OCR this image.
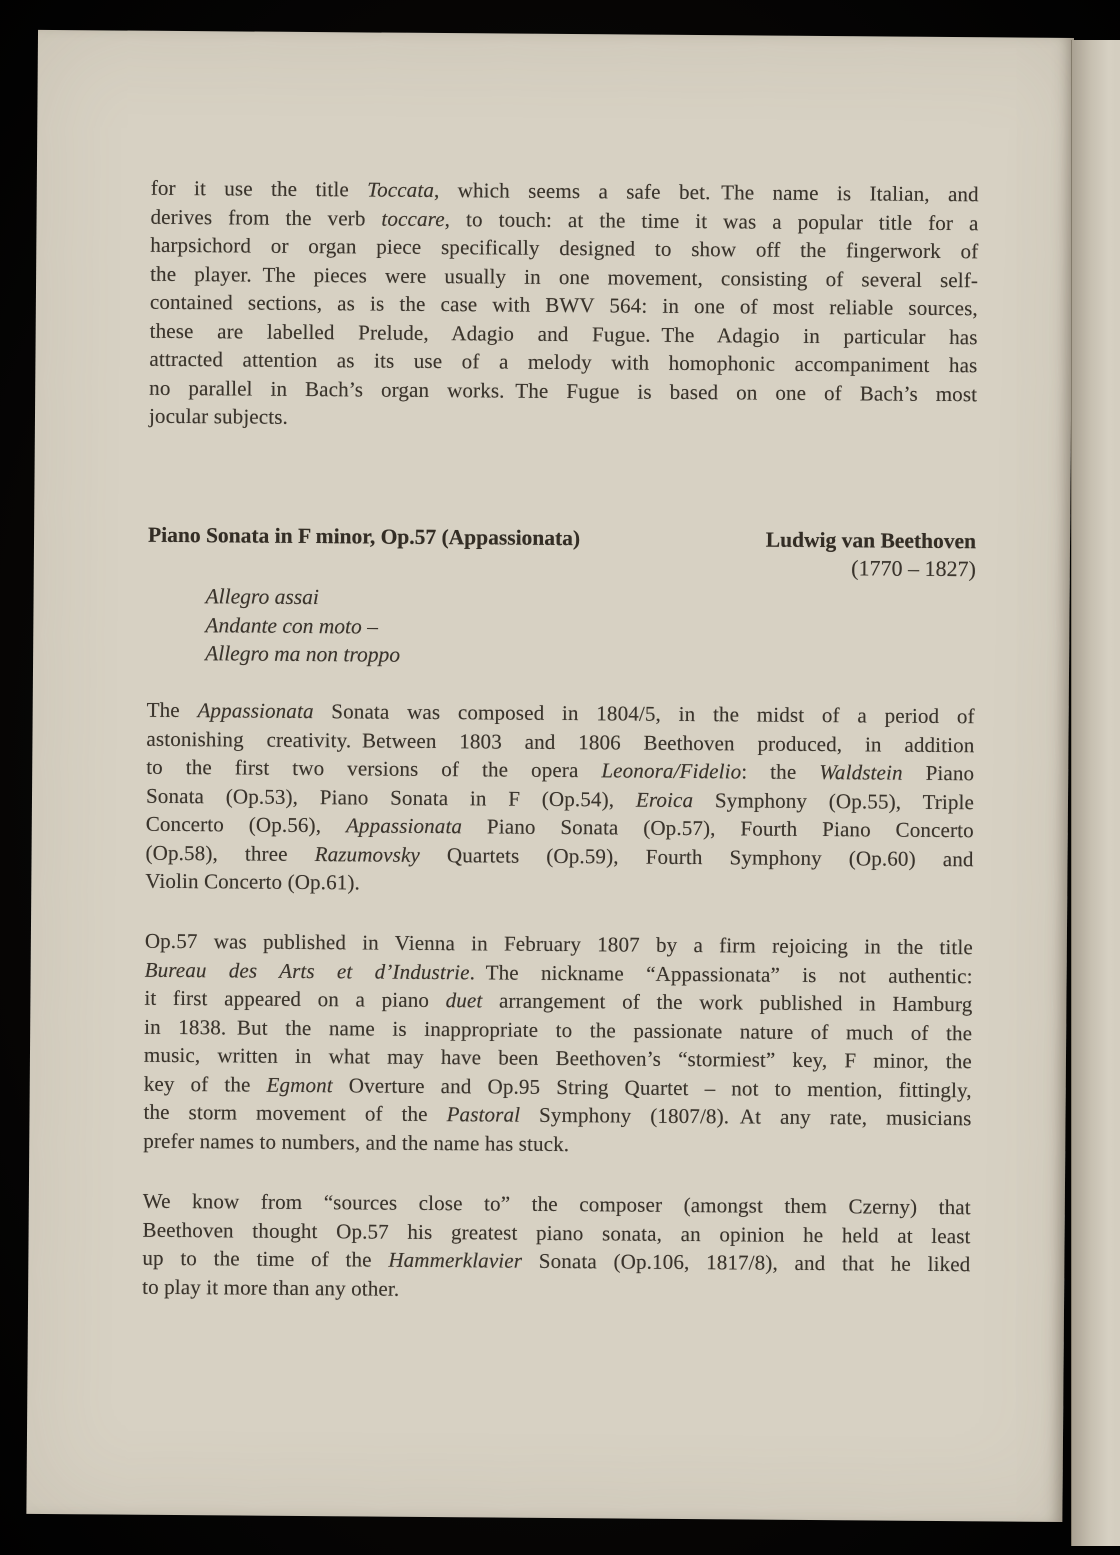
for it use the title Toccata, which seems a safe bet. The name is Italian, and
derives from the verb toccare, to touch: at the time it was a popular title for a
harpsichord or organ piece specifically designed to show off the fingerwork of
the player. The pieces were usually in one movement, consisting of several self-
contained sections, as is the case with BWV 564: in one of most reliable sources,
these are labelled Prelude, Adagio and Fugue. The Adagio in particular has
attracted attention as its use of a melody with homophonic accompaniment has
no parallel in Bach’s organ works. The Fugue is based on one of Bach’s most
jocular subjects.
Piano Sonata in F minor, Op.57 (Appassionata)	Ludwig van Beethoven
(1770 – 1827)
Allegro assai
Andante con moto –
Allegro ma non troppo
The Appassionata Sonata was composed in 1804/5, in the midst of a period of
astonishing creativity. Between 1803 and 1806 Beethoven produced, in addition
to the first two versions of the opera Leonora/Fidelio: the Waldstein Piano
Sonata (Op.53), Piano Sonata in F (Op.54), Eroica Symphony (Op.55), Triple
Concerto (Op.56), Appassionata Piano Sonata (Op.57), Fourth Piano Concerto
(Op.58), three Razumovsky Quartets (Op.59), Fourth Symphony (Op.60) and
Violin Concerto (Op.61).
Op.57 was published in Vienna in February 1807 by a firm rejoicing in the title
Bureau des Arts et d’Industrie. The nickname “Appassionata” is not authentic:
it first appeared on a piano duet arrangement of the work published in Hamburg
in 1838. But the name is inappropriate to the passionate nature of much of the
music, written in what may have been Beethoven’s “stormiest” key, F minor, the
key of the Egmont Overture and Op.95 String Quartet – not to mention, fittingly,
the storm movement of the Pastoral Symphony (1807/8). At any rate, musicians
prefer names to numbers, and the name has stuck.
We know from “sources close to” the composer (amongst them Czerny) that
Beethoven thought Op.57 his greatest piano sonata, an opinion he held at least
up to the time of the Hammerklavier Sonata (Op.106, 1817/8), and that he liked
to play it more than any other.
